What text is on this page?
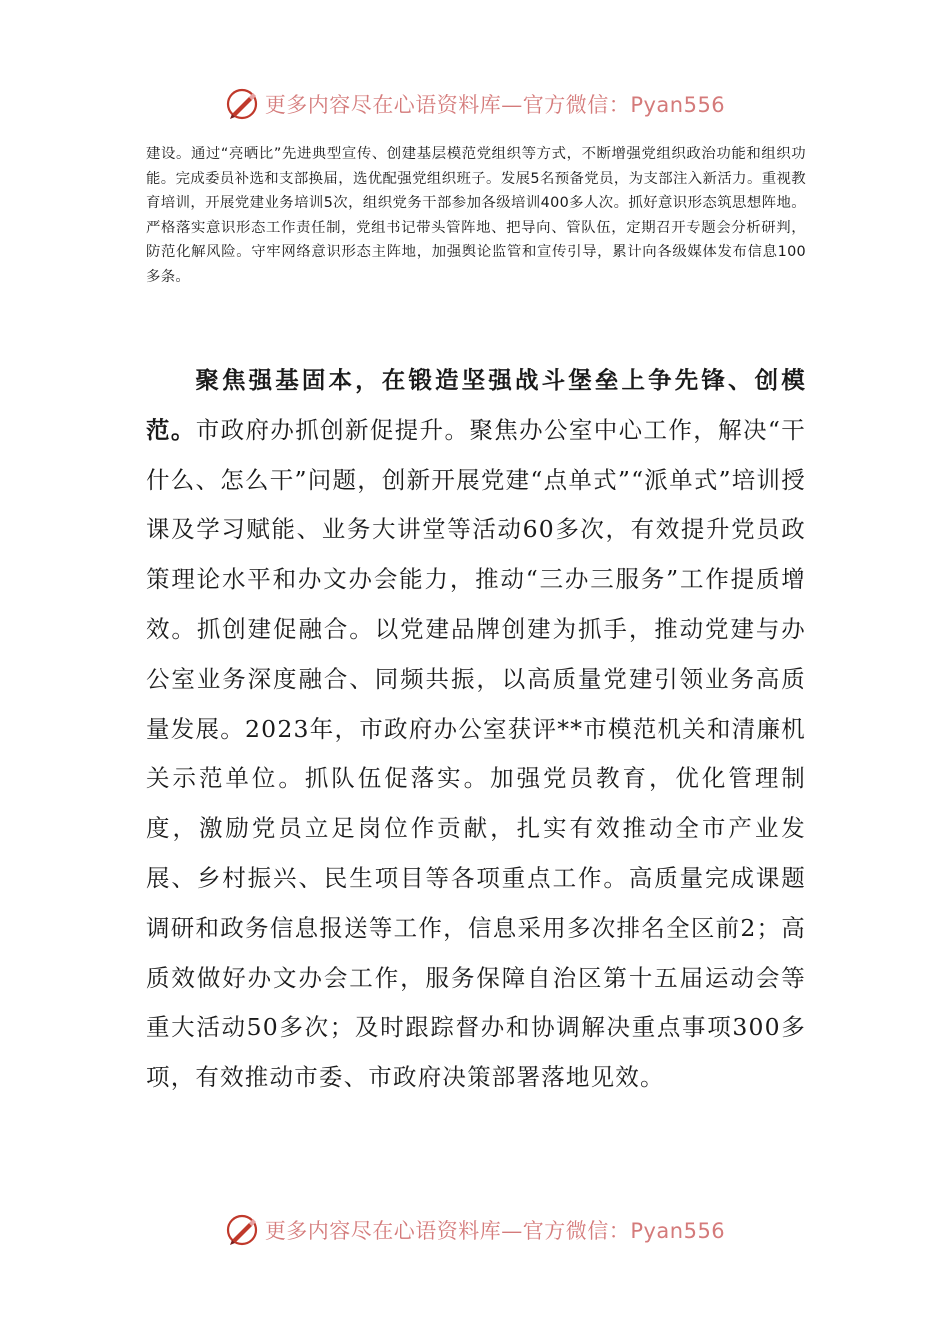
更多内容尽在心语资料库—官方微信：Pyan556

建设。通过“亮晒比”先进典型宣传、创建基层模范党组织等方式，不断增强党组织政治功能和组织功能。完成委员补选和支部换届，选优配强党组织班子。发展5名预备党员，为支部注入新活力。重视教育培训，开展党建业务培训5次，组织党务干部参加各级培训400多人次。抓好意识形态筑思想阵地。严格落实意识形态工作责任制，党组书记带头管阵地、把导向、管队伍，定期召开专题会分析研判，防范化解风险。守牢网络意识形态主阵地，加强舆论监管和宣传引导，累计向各级媒体发布信息100多条。

聚焦强基固本，在锻造坚强战斗堡垒上争先锋、创模范。市政府办抓创新促提升。聚焦办公室中心工作，解决“干什么、怎么干”问题，创新开展党建“点单式”“派单式”培训授课及学习赋能、业务大讲堂等活动60多次，有效提升党员政策理论水平和办文办会能力，推动“三办三服务”工作提质增效。抓创建促融合。以党建品牌创建为抓手，推动党建与办公室业务深度融合、同频共振，以高质量党建引领业务高质量发展。2023年，市政府办公室获评**市模范机关和清廉机关示范单位。抓队伍促落实。加强党员教育，优化管理制度，激励党员立足岗位作贡献，扎实有效推动全市产业发展、乡村振兴、民生项目等各项重点工作。高质量完成课题调研和政务信息报送等工作，信息采用多次排名全区前2；高质效做好办文办会工作，服务保障自治区第十五届运动会等重大活动50多次；及时跟踪督办和协调解决重点事项300多项，有效推动市委、市政府决策部署落地见效。

更多内容尽在心语资料库—官方微信：Pyan556
